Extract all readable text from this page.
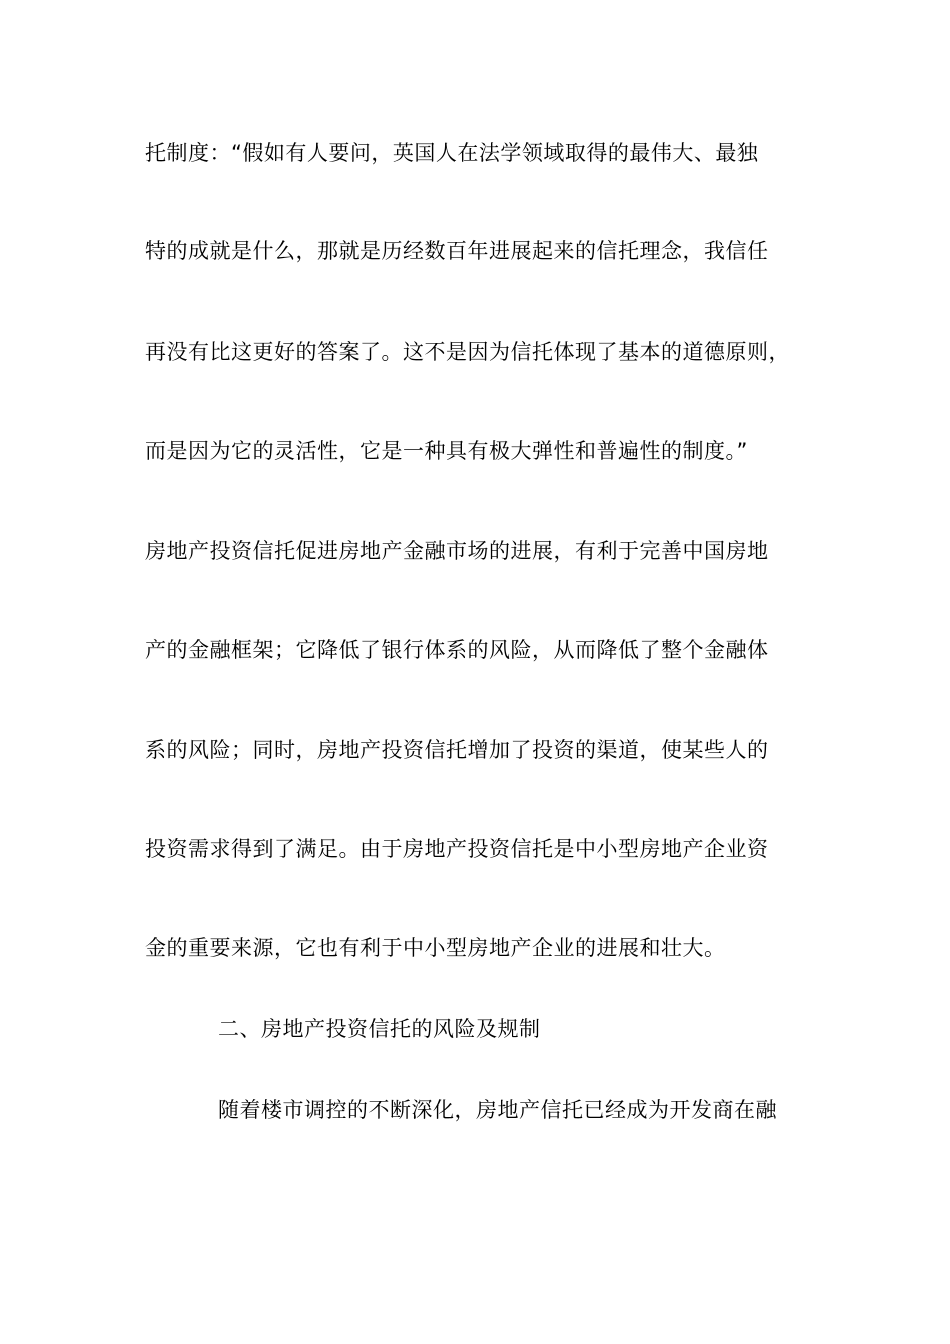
托制度：“假如有人要问，英国人在法学领域取得的最伟大、最独
特的成就是什么，那就是历经数百年进展起来的信托理念，我信任
再没有比这更好的答案了。这不是因为信托体现了基本的道德原则，
而是因为它的灵活性，它是一种具有极大弹性和普遍性的制度。”
房地产投资信托促进房地产金融市场的进展，有利于完善中国房地
产的金融框架；它降低了银行体系的风险，从而降低了整个金融体
系的风险；同时，房地产投资信托增加了投资的渠道，使某些人的
投资需求得到了满足。由于房地产投资信托是中小型房地产企业资
金的重要来源，它也有利于中小型房地产企业的进展和壮大。
二、房地产投资信托的风险及规制
随着楼市调控的不断深化，房地产信托已经成为开发商在融
